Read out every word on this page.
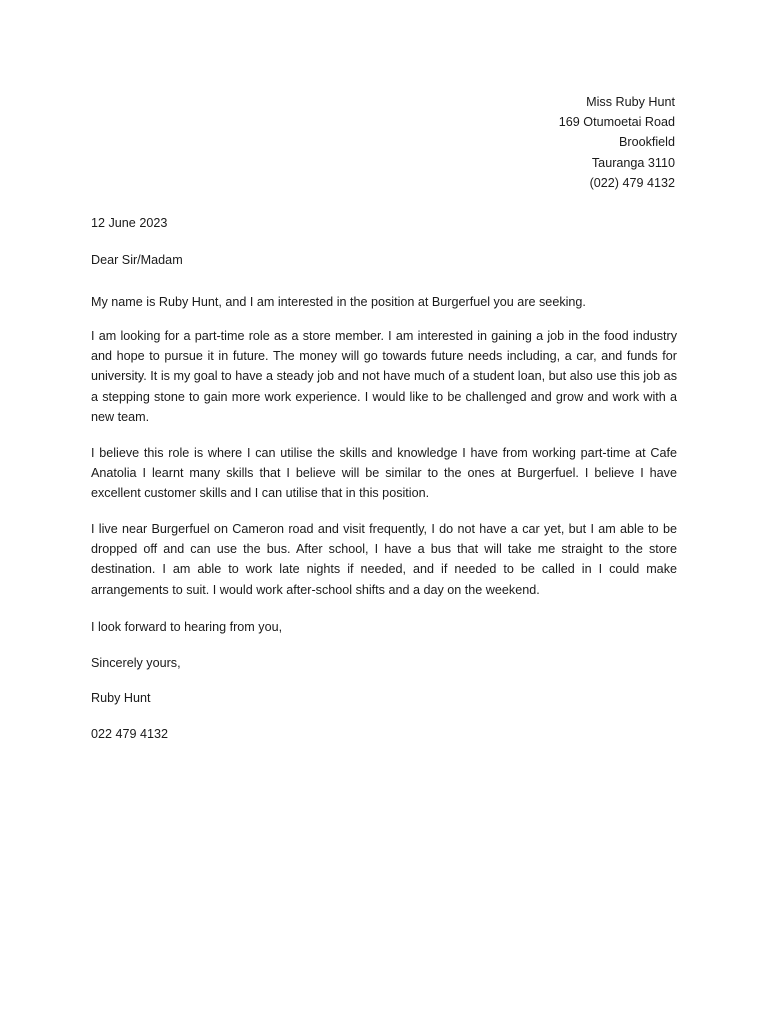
Miss Ruby Hunt
169 Otumoetai Road
Brookfield
Tauranga 3110
(022) 479 4132
12 June 2023
Dear Sir/Madam

My name is Ruby Hunt, and I am interested in the position at Burgerfuel you are seeking.

I am looking for a part-time role as a store member. I am interested in gaining a job in the food industry and hope to pursue it in future. The money will go towards future needs including, a car, and funds for university. It is my goal to have a steady job and not have much of a student loan, but also use this job as a stepping stone to gain more work experience. I would like to be challenged and grow and work with a new team.

I believe this role is where I can utilise the skills and knowledge I have from working part-time at Cafe Anatolia I learnt many skills that I believe will be similar to the ones at Burgerfuel. I believe I have excellent customer skills and I can utilise that in this position.

I live near Burgerfuel on Cameron road and visit frequently, I do not have a car yet, but I am able to be dropped off and can use the bus. After school, I have a bus that will take me straight to the store destination. I am able to work late nights if needed, and if needed to be called in I could make arrangements to suit. I would work after-school shifts and a day on the weekend.

I look forward to hearing from you,
Sincerely yours,
Ruby Hunt
022 479 4132
